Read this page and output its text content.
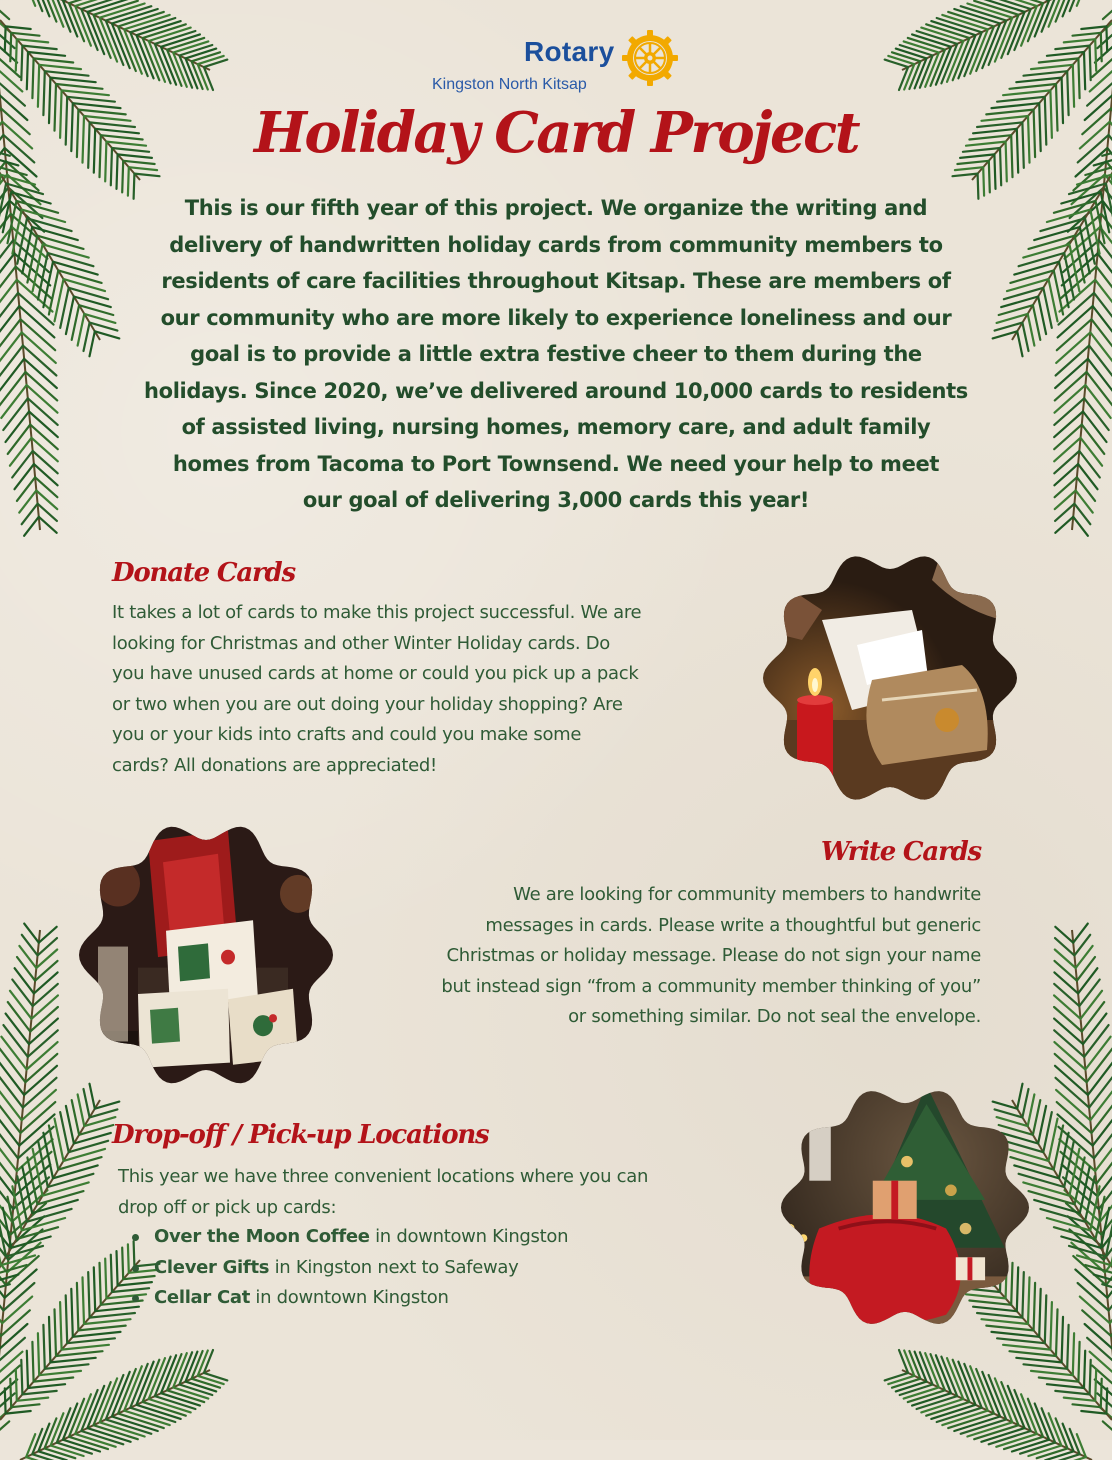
Rotary

Kingston North Kitsap

Holiday Card Project

This is our fifth year of this project. We organize the writing and
delivery of handwritten holiday cards from community members to
residents of care facilities throughout Kitsap. These are members of
our community who are more likely to experience loneliness and our
goal is to provide a little extra festive cheer to them during the
holidays. Since 2020, we’ve delivered around 10,000 cards to residents
of assisted living, nursing homes, memory care, and adult family
homes from Tacoma to Port Townsend. We need your help to meet
our goal of delivering 3,000 cards this year!

Donate Cards

It takes a lot of cards to make this project successful. We are
looking for Christmas and other Winter Holiday cards. Do
you have unused cards at home or could you pick up a pack
or two when you are out doing your holiday shopping? Are
you or your kids into crafts and could you make some
cards? All donations are appreciated!

Write Cards

We are looking for community members to handwrite
messages in cards. Please write a thoughtful but generic
Christmas or holiday message. Please do not sign your name
but instead sign “from a community member thinking of you”
or something similar. Do not seal the envelope.

Drop-off / Pick-up Locations

This year we have three convenient locations where you can
drop off or pick up cards:

Over the Moon Coffee in downtown Kingston
Clever Gifts in Kingston next to Safeway
Cellar Cat in downtown Kingston
